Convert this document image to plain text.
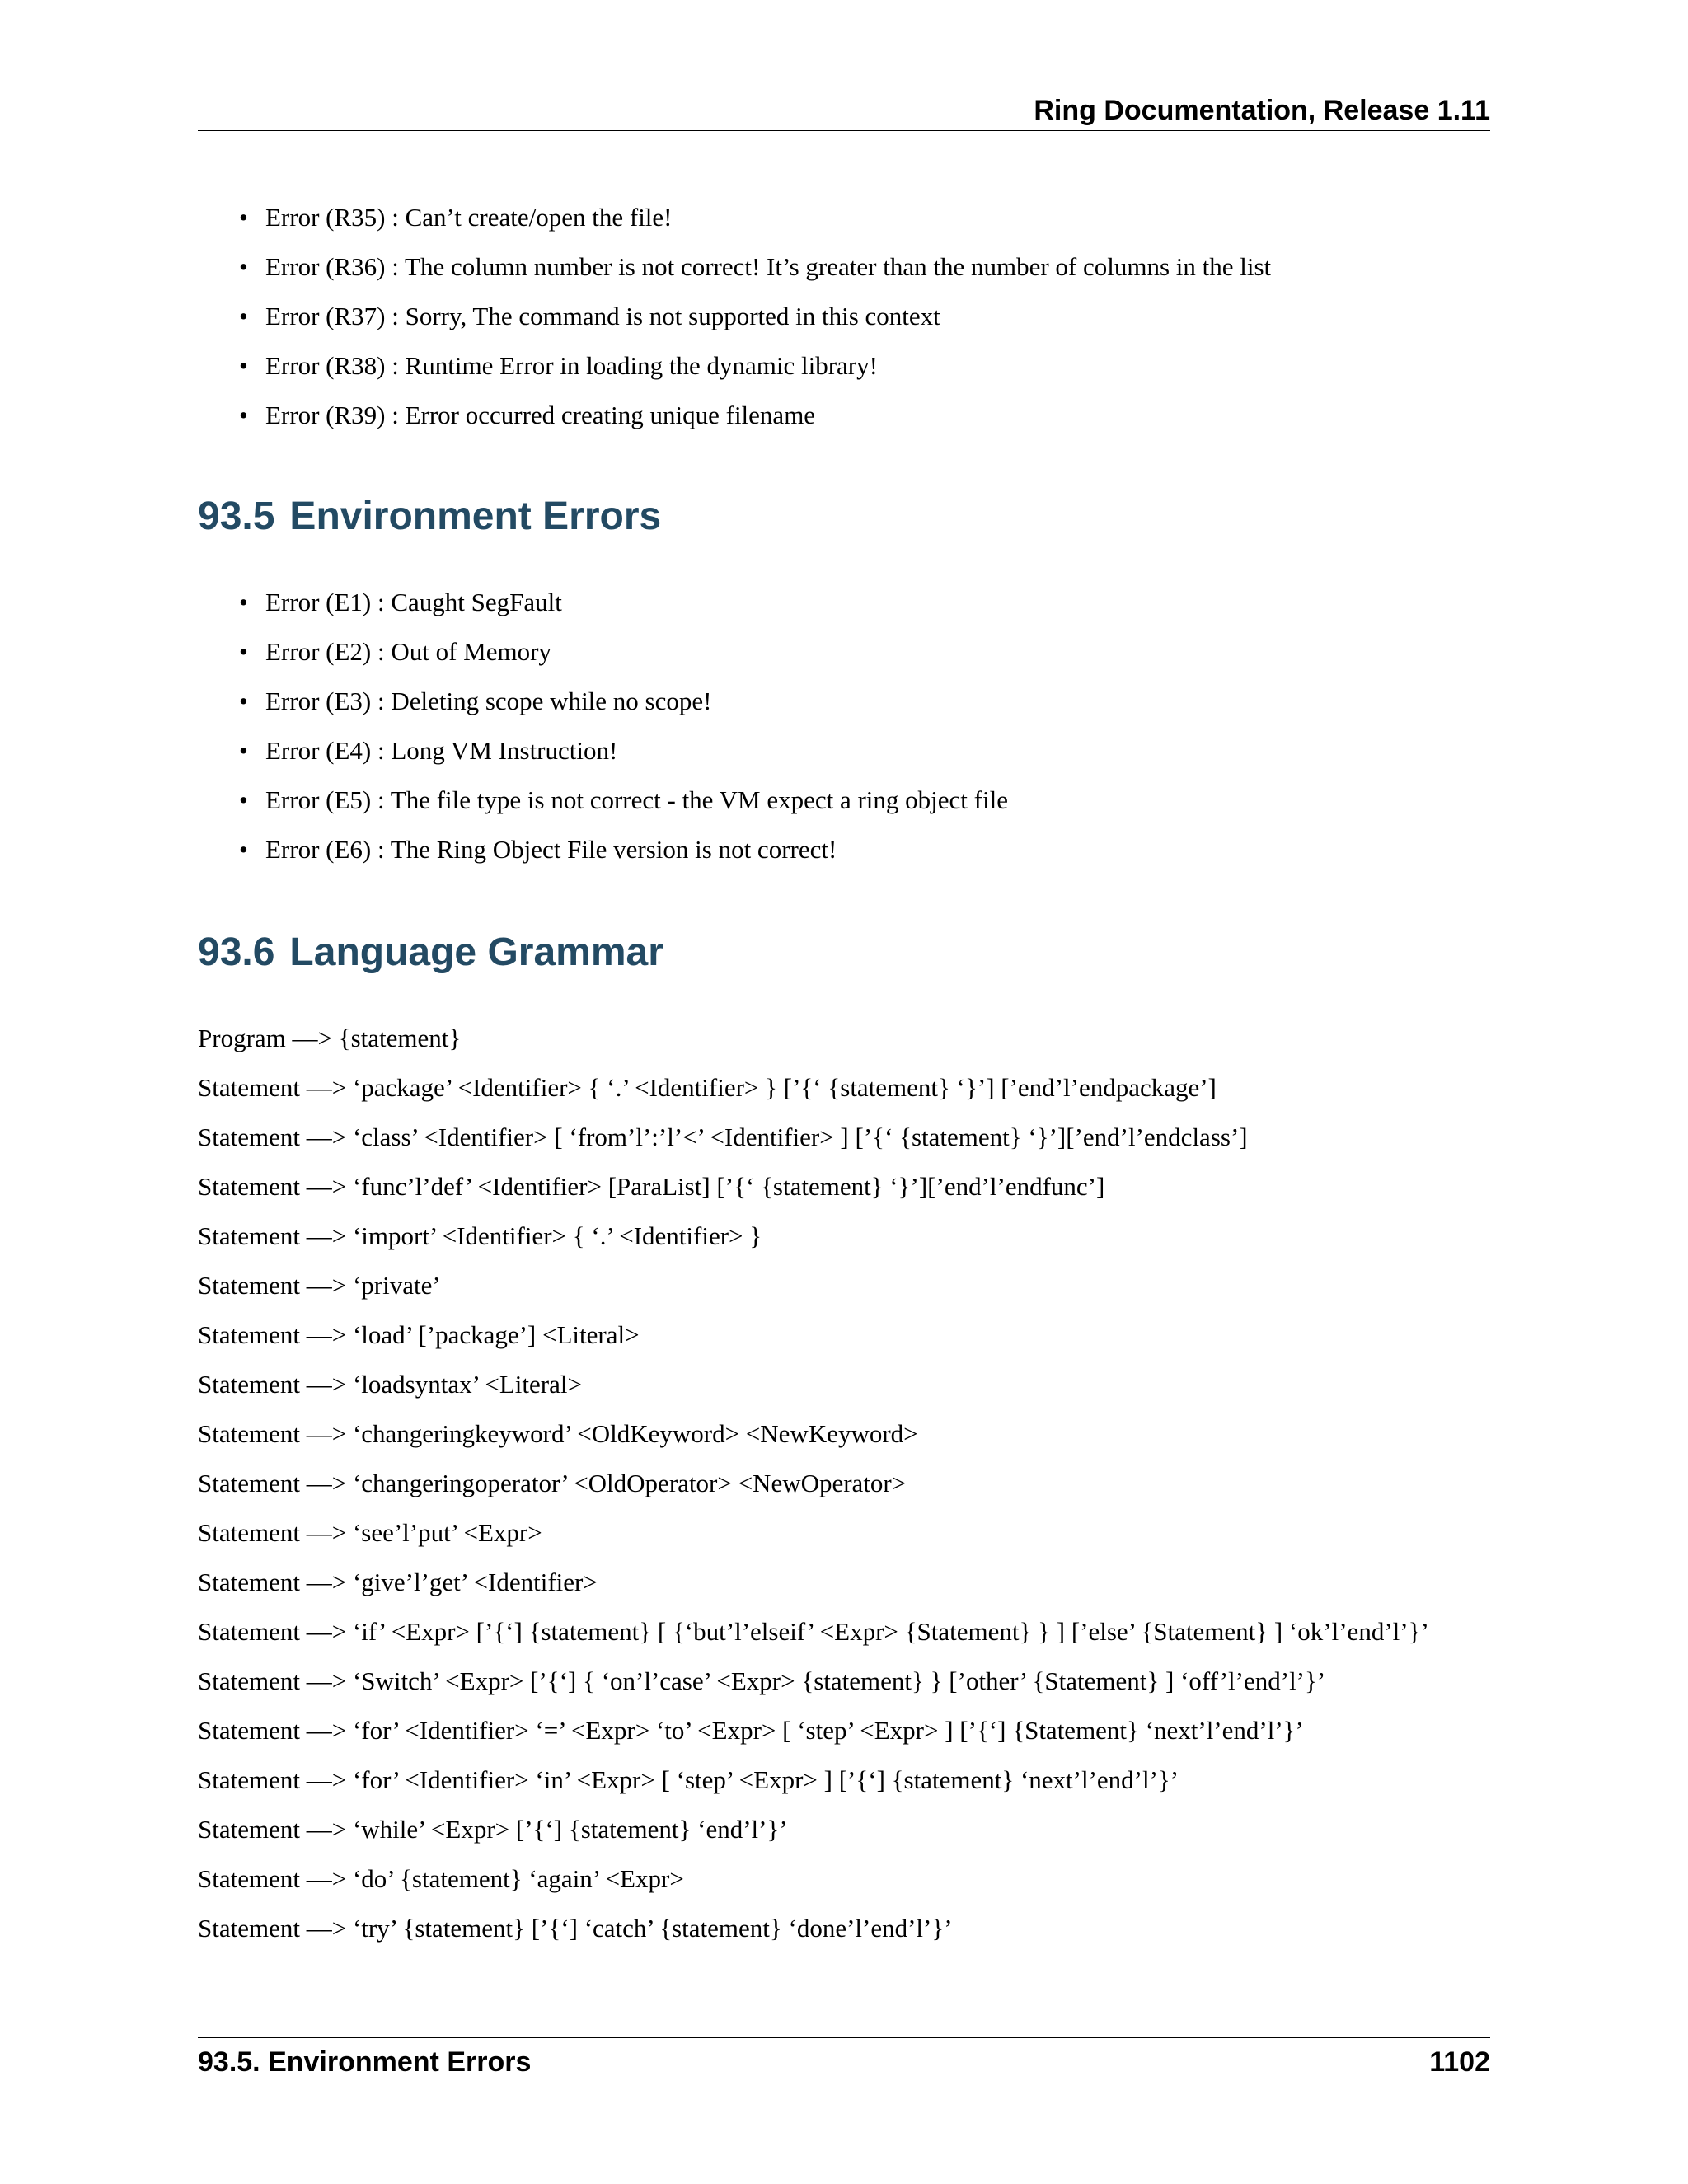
Ring Documentation, Release 1.11
• Error (R35) : Can’t create/open the file!
• Error (R36) : The column number is not correct! It’s greater than the number of columns in the list
• Error (R37) : Sorry, The command is not supported in this context
• Error (R38) : Runtime Error in loading the dynamic library!
• Error (R39) : Error occurred creating unique filename
93.5 Environment Errors
• Error (E1) : Caught SegFault
• Error (E2) : Out of Memory
• Error (E3) : Deleting scope while no scope!
• Error (E4) : Long VM Instruction!
• Error (E5) : The file type is not correct - the VM expect a ring object file
• Error (E6) : The Ring Object File version is not correct!
93.6 Language Grammar

Program —> {statement}

Statement —> ‘package’ <Identifier> { ‘.’ <Identifier> } [’{‘ {statement} ‘}’] [’end’l’endpackage’]

Statement —> ‘class’ <Identifier> [ ‘from’l’:’l’<’ <Identifier> ] [’{‘ {statement} ‘}’][’end’l’endclass’]

Statement —> ‘func’l’def’ <Identifier> [ParaList] [’{‘ {statement} ‘}’][’end’l’endfunc’]

Statement —> ‘import’ <Identifier> { ‘.’ <Identifier> }

Statement —> ‘private’

Statement —> ‘load’ [’package’] <Literal>

Statement —> ‘loadsyntax’ <Literal>

Statement —> ‘changeringkeyword’ <OldKeyword> <NewKeyword>

Statement —> ‘changeringoperator’ <OldOperator> <NewOperator>

Statement —> ‘see’l’put’ <Expr>

Statement —> ‘give’l’get’ <Identifier>

Statement —> ‘if’ <Expr> [’{‘] {statement} [ {‘but’l’elseif’ <Expr> {Statement} } ] [’else’ {Statement} ] ‘ok’l’end’l’}’

Statement —> ‘Switch’ <Expr> [’{‘] { ‘on’l’case’ <Expr> {statement} } [’other’ {Statement} ] ‘off’l’end’l’}’

Statement —> ‘for’ <Identifier> ‘=’ <Expr> ‘to’ <Expr> [ ‘step’ <Expr> ] [’{‘] {Statement} ‘next’l’end’l’}’

Statement —> ‘for’ <Identifier> ‘in’ <Expr> [ ‘step’ <Expr> ] [’{‘] {statement} ‘next’l’end’l’}’

Statement —> ‘while’ <Expr> [’{‘] {statement} ‘end’l’}’

Statement —> ‘do’ {statement} ‘again’ <Expr>

Statement —> ‘try’ {statement} [’{‘] ‘catch’ {statement} ‘done’l’end’l’}’

93.5. Environment Errors	1102
